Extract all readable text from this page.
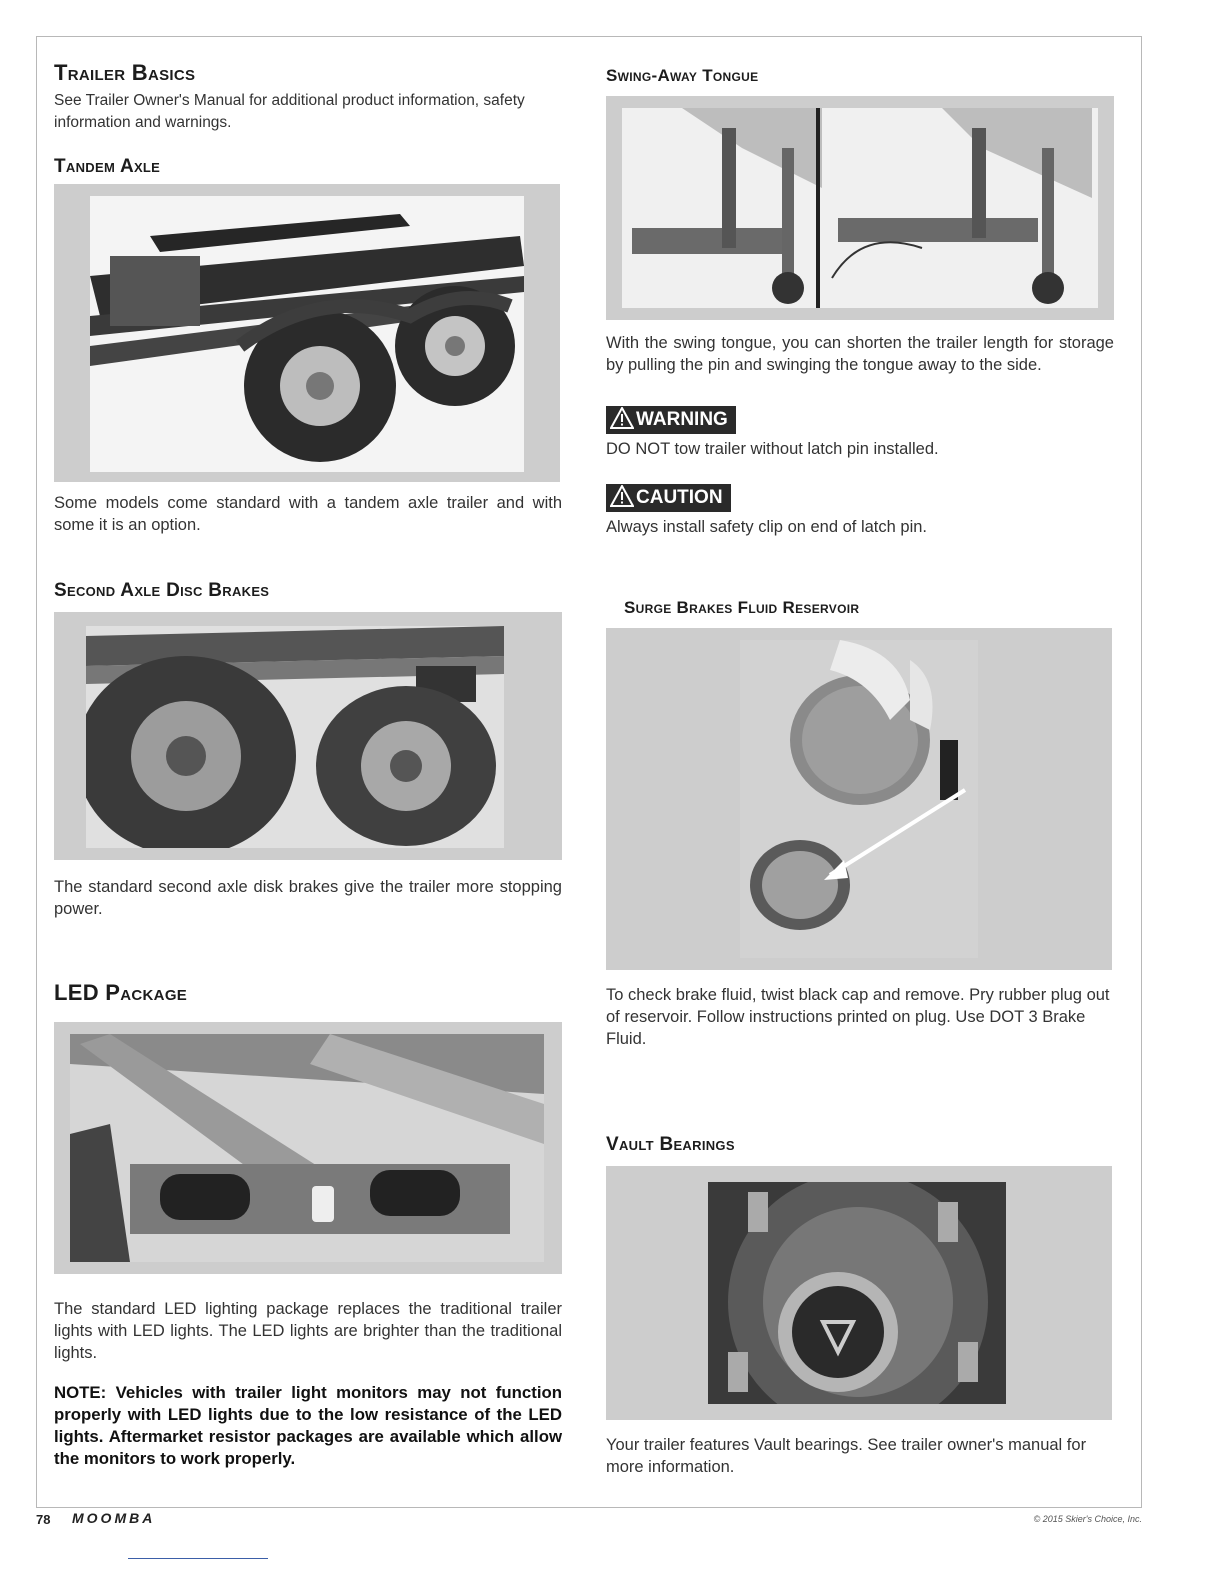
Trailer Basics

See Trailer Owner's Manual for additional product information, safety information and warnings.

Tandem Axle

Some models come standard with a tandem axle trailer and with some it is an option.

Second Axle Disc Brakes

The standard second axle disk brakes give the trailer more stopping power.

LED Package

The standard LED lighting package replaces the traditional trailer lights with LED lights. The LED lights are brighter than the traditional lights.

NOTE: Vehicles with trailer light monitors may not function properly with LED lights due to the low resistance of the LED lights. Aftermarket resistor packages are available which allow the monitors to work properly.

Swing-Away Tongue

With the swing tongue, you can shorten the trailer length for storage by pulling the pin and swinging the tongue away to the side.

WARNING

DO NOT tow trailer without latch pin installed.

CAUTION

Always install safety clip on end of latch pin.

Surge Brakes Fluid Reservoir

To check brake fluid, twist black cap and remove. Pry rubber plug out of reservoir. Follow instructions printed on plug. Use DOT 3 Brake Fluid.

Vault Bearings

Your trailer features Vault bearings. See trailer owner's manual for more information.

78 MOOMBA	© 2015 Skier's Choice, Inc.
